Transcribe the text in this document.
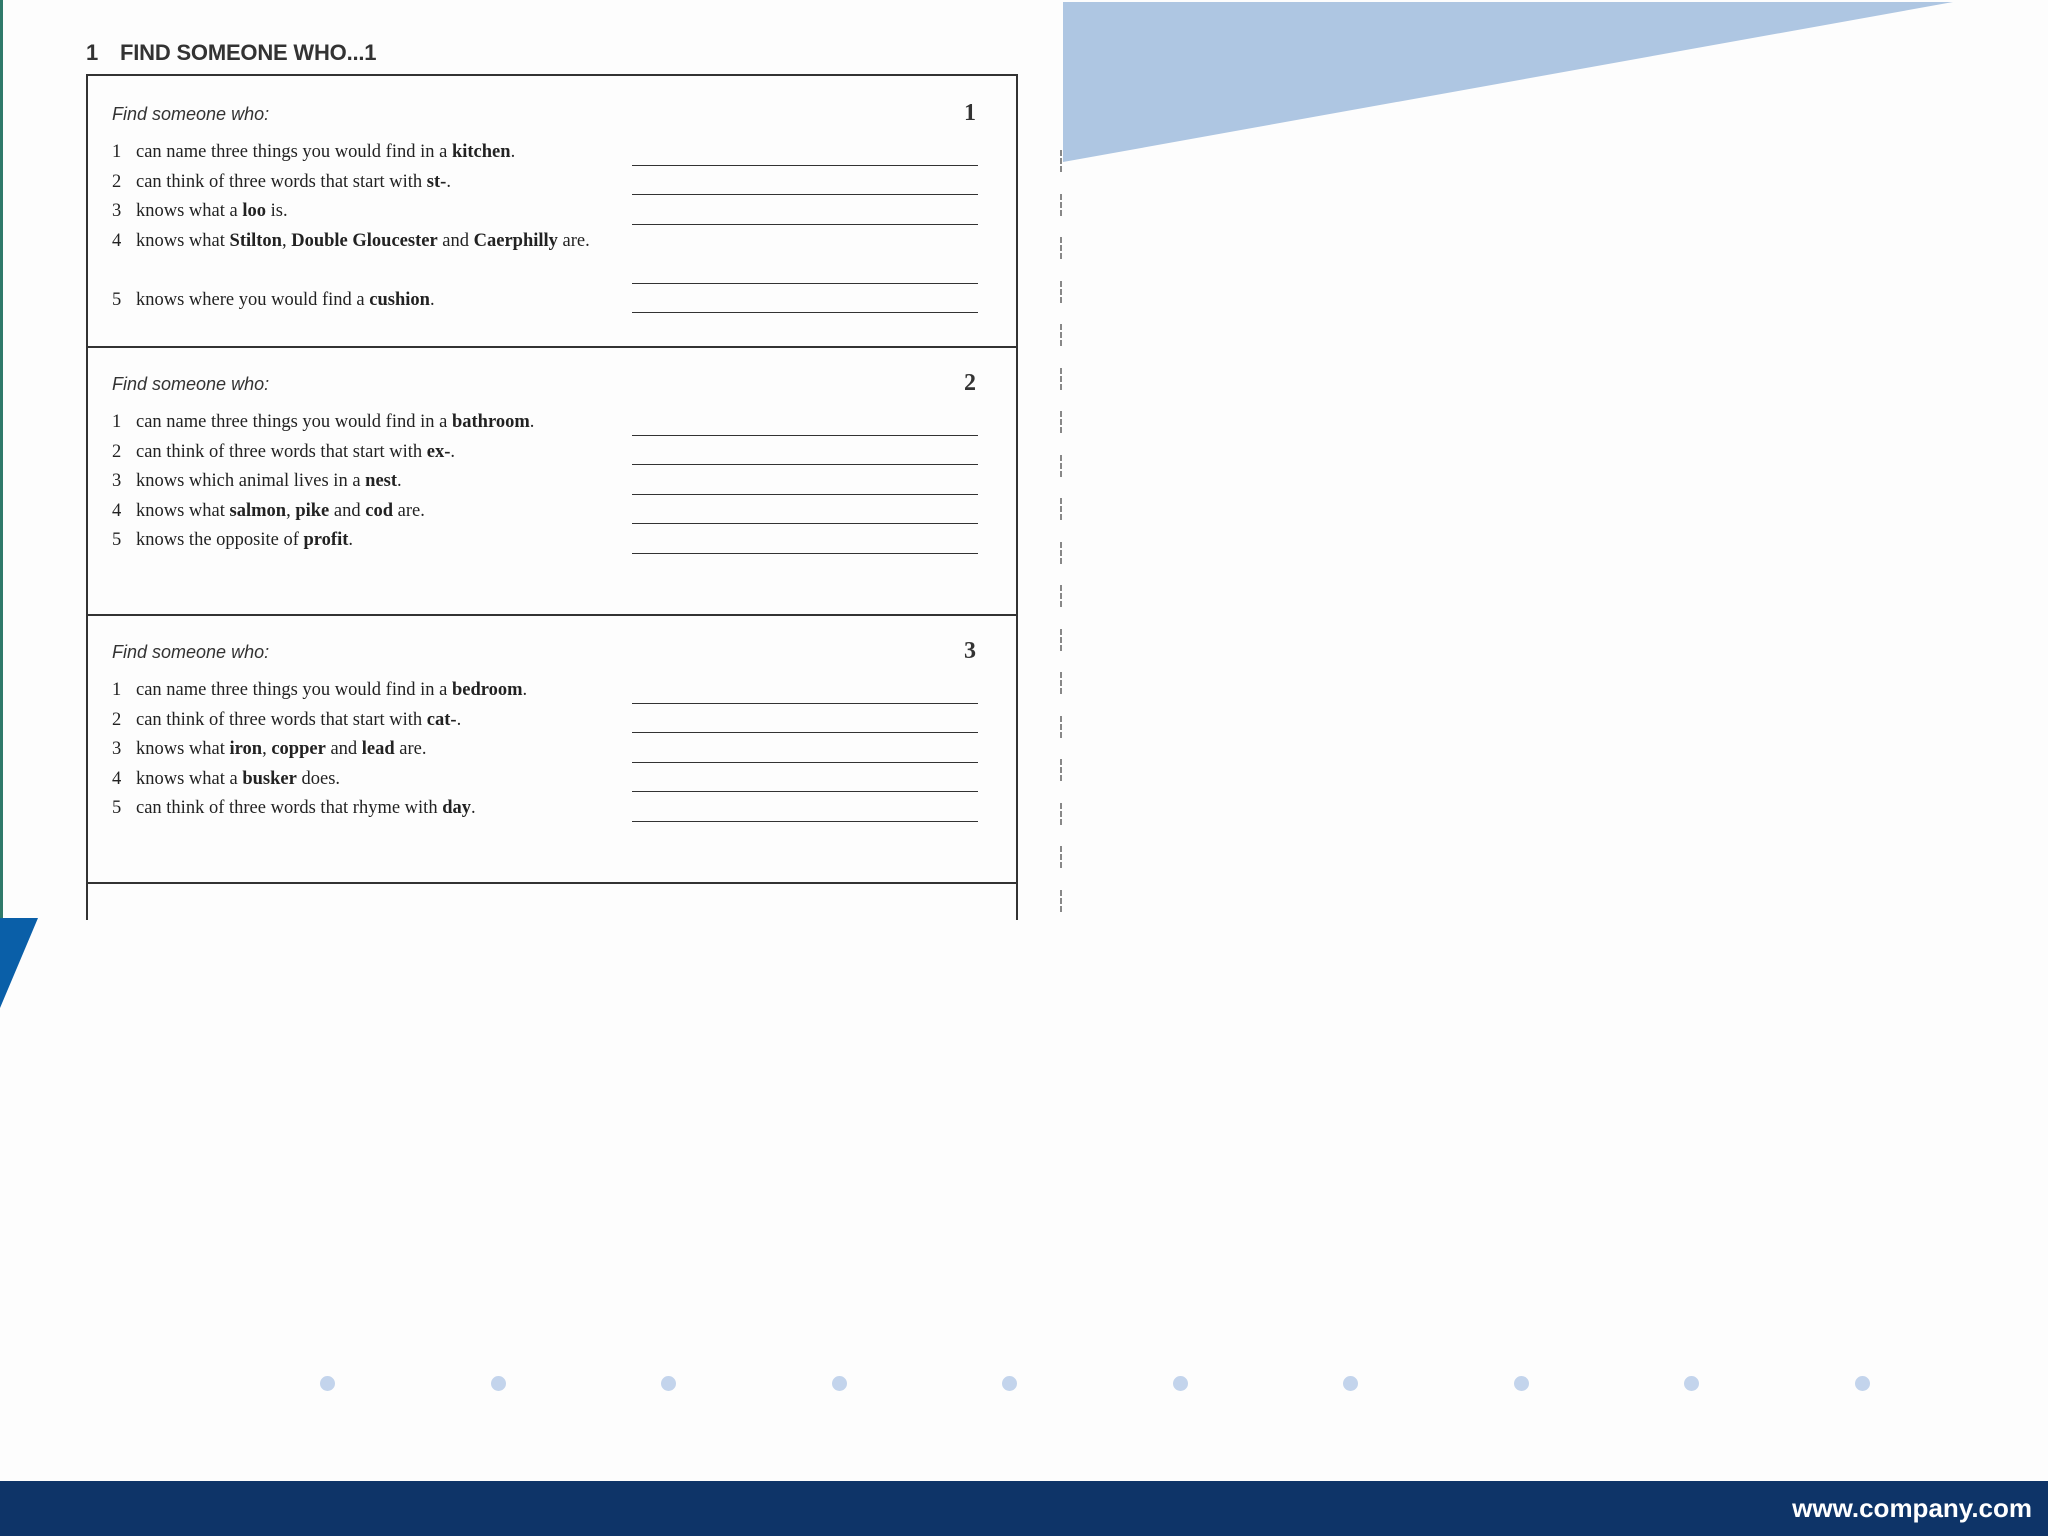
1 FIND SOMEONE WHO...1
Find someone who:	1
1 can name three things you would find in a kitchen.
2 can think of three words that start with st-.
3 knows what a loo is.
4 knows what Stilton, Double Gloucester and Caerphilly are.
5 knows where you would find a cushion.
Find someone who:	2
1 can name three things you would find in a bathroom.
2 can think of three words that start with ex-.
3 knows which animal lives in a nest.
4 knows what salmon, pike and cod are.
5 knows the opposite of profit.
Find someone who:	3
1 can name three things you would find in a bedroom.
2 can think of three words that start with cat-.
3 knows what iron, copper and lead are.
4 knows what a busker does.
5 can think of three words that rhyme with day.
www.company.com
